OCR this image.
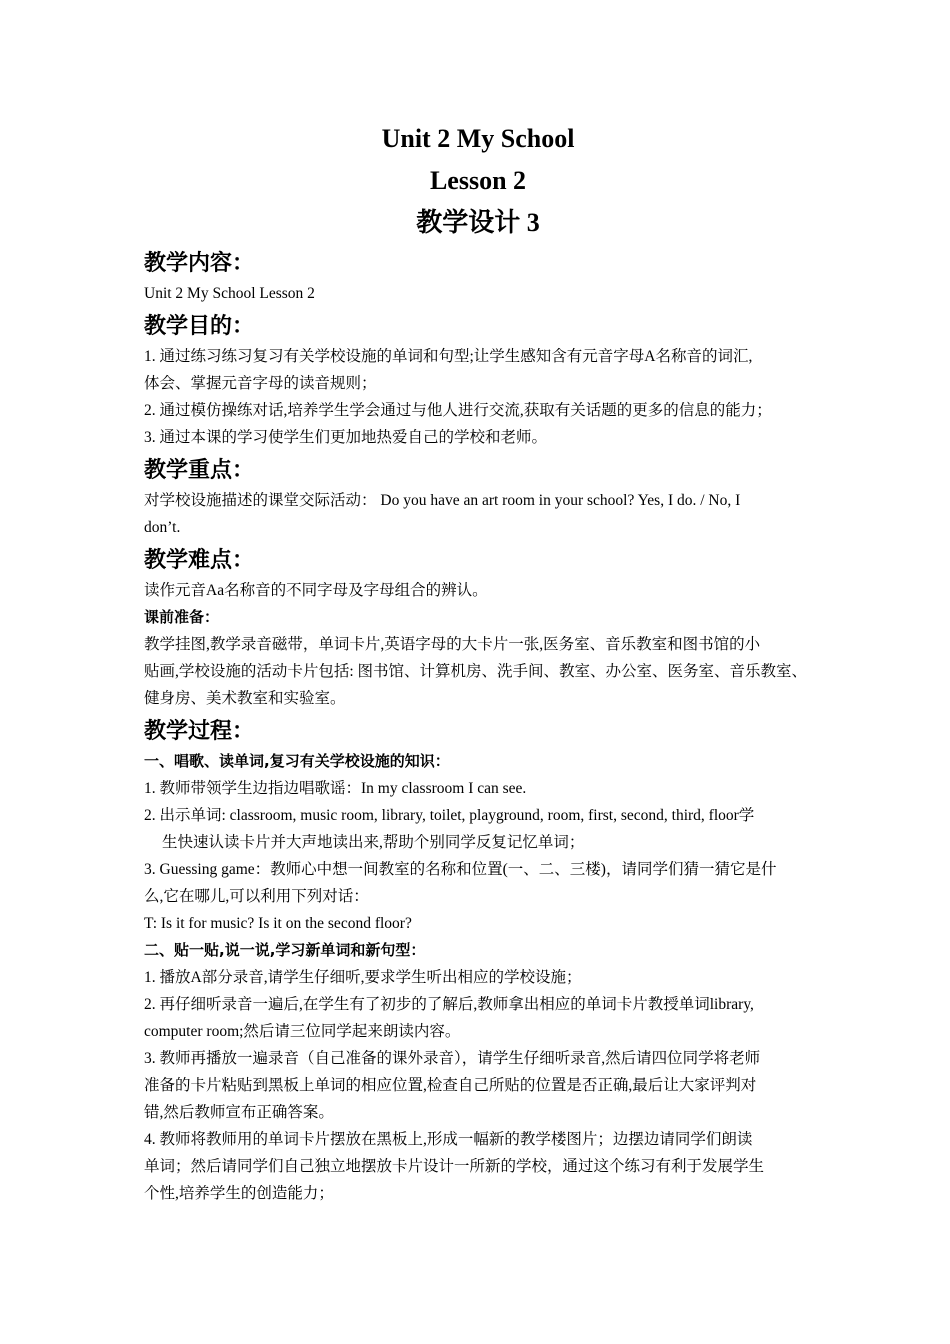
Unit 2 My School
Lesson 2
教学设计 3
教学内容：
Unit 2 My School Lesson 2
教学目的：
1. 通过练习练习复习有关学校设施的单词和句型;让学生感知含有元音字母A名称音的词汇,
体会、掌握元音字母的读音规则；
2. 通过模仿操练对话,培养学生学会通过与他人进行交流,获取有关话题的更多的信息的能力；
3. 通过本课的学习使学生们更加地热爱自己的学校和老师。
教学重点：
对学校设施描述的课堂交际活动： Do you have an art room in your school? Yes, I do. / No, I
don’t.
教学难点：
读作元音Aa名称音的不同字母及字母组合的辨认。
课前准备：
教学挂图,教学录音磁带，单词卡片,英语字母的大卡片一张,医务室、音乐教室和图书馆的小
贴画,学校设施的活动卡片包括: 图书馆、计算机房、洗手间、教室、办公室、医务室、音乐教室、
健身房、美术教室和实验室。
教学过程：
一、唱歌、读单词,复习有关学校设施的知识：
1. 教师带领学生边指边唱歌谣：In my classroom I can see.
2. 出示单词: classroom, music room, library, toilet, playground, room, first, second, third, floor学
生快速认读卡片并大声地读出来,帮助个别同学反复记忆单词；
3. Guessing game：教师心中想一间教室的名称和位置(一、二、三楼)，请同学们猜一猜它是什
么,它在哪儿,可以利用下列对话：
T: Is it for music? Is it on the second floor?
二、贴一贴,说一说,学习新单词和新句型：
1. 播放A部分录音,请学生仔细听,要求学生听出相应的学校设施；
2. 再仔细听录音一遍后,在学生有了初步的了解后,教师拿出相应的单词卡片教授单词library,
computer room;然后请三位同学起来朗读内容。
3. 教师再播放一遍录音（自己准备的课外录音），请学生仔细听录音,然后请四位同学将老师
准备的卡片粘贴到黑板上单词的相应位置,检查自己所贴的位置是否正确,最后让大家评判对
错,然后教师宣布正确答案。
4. 教师将教师用的单词卡片摆放在黑板上,形成一幅新的教学楼图片；边摆边请同学们朗读
单词；然后请同学们自己独立地摆放卡片设计一所新的学校，通过这个练习有利于发展学生
个性,培养学生的创造能力；
